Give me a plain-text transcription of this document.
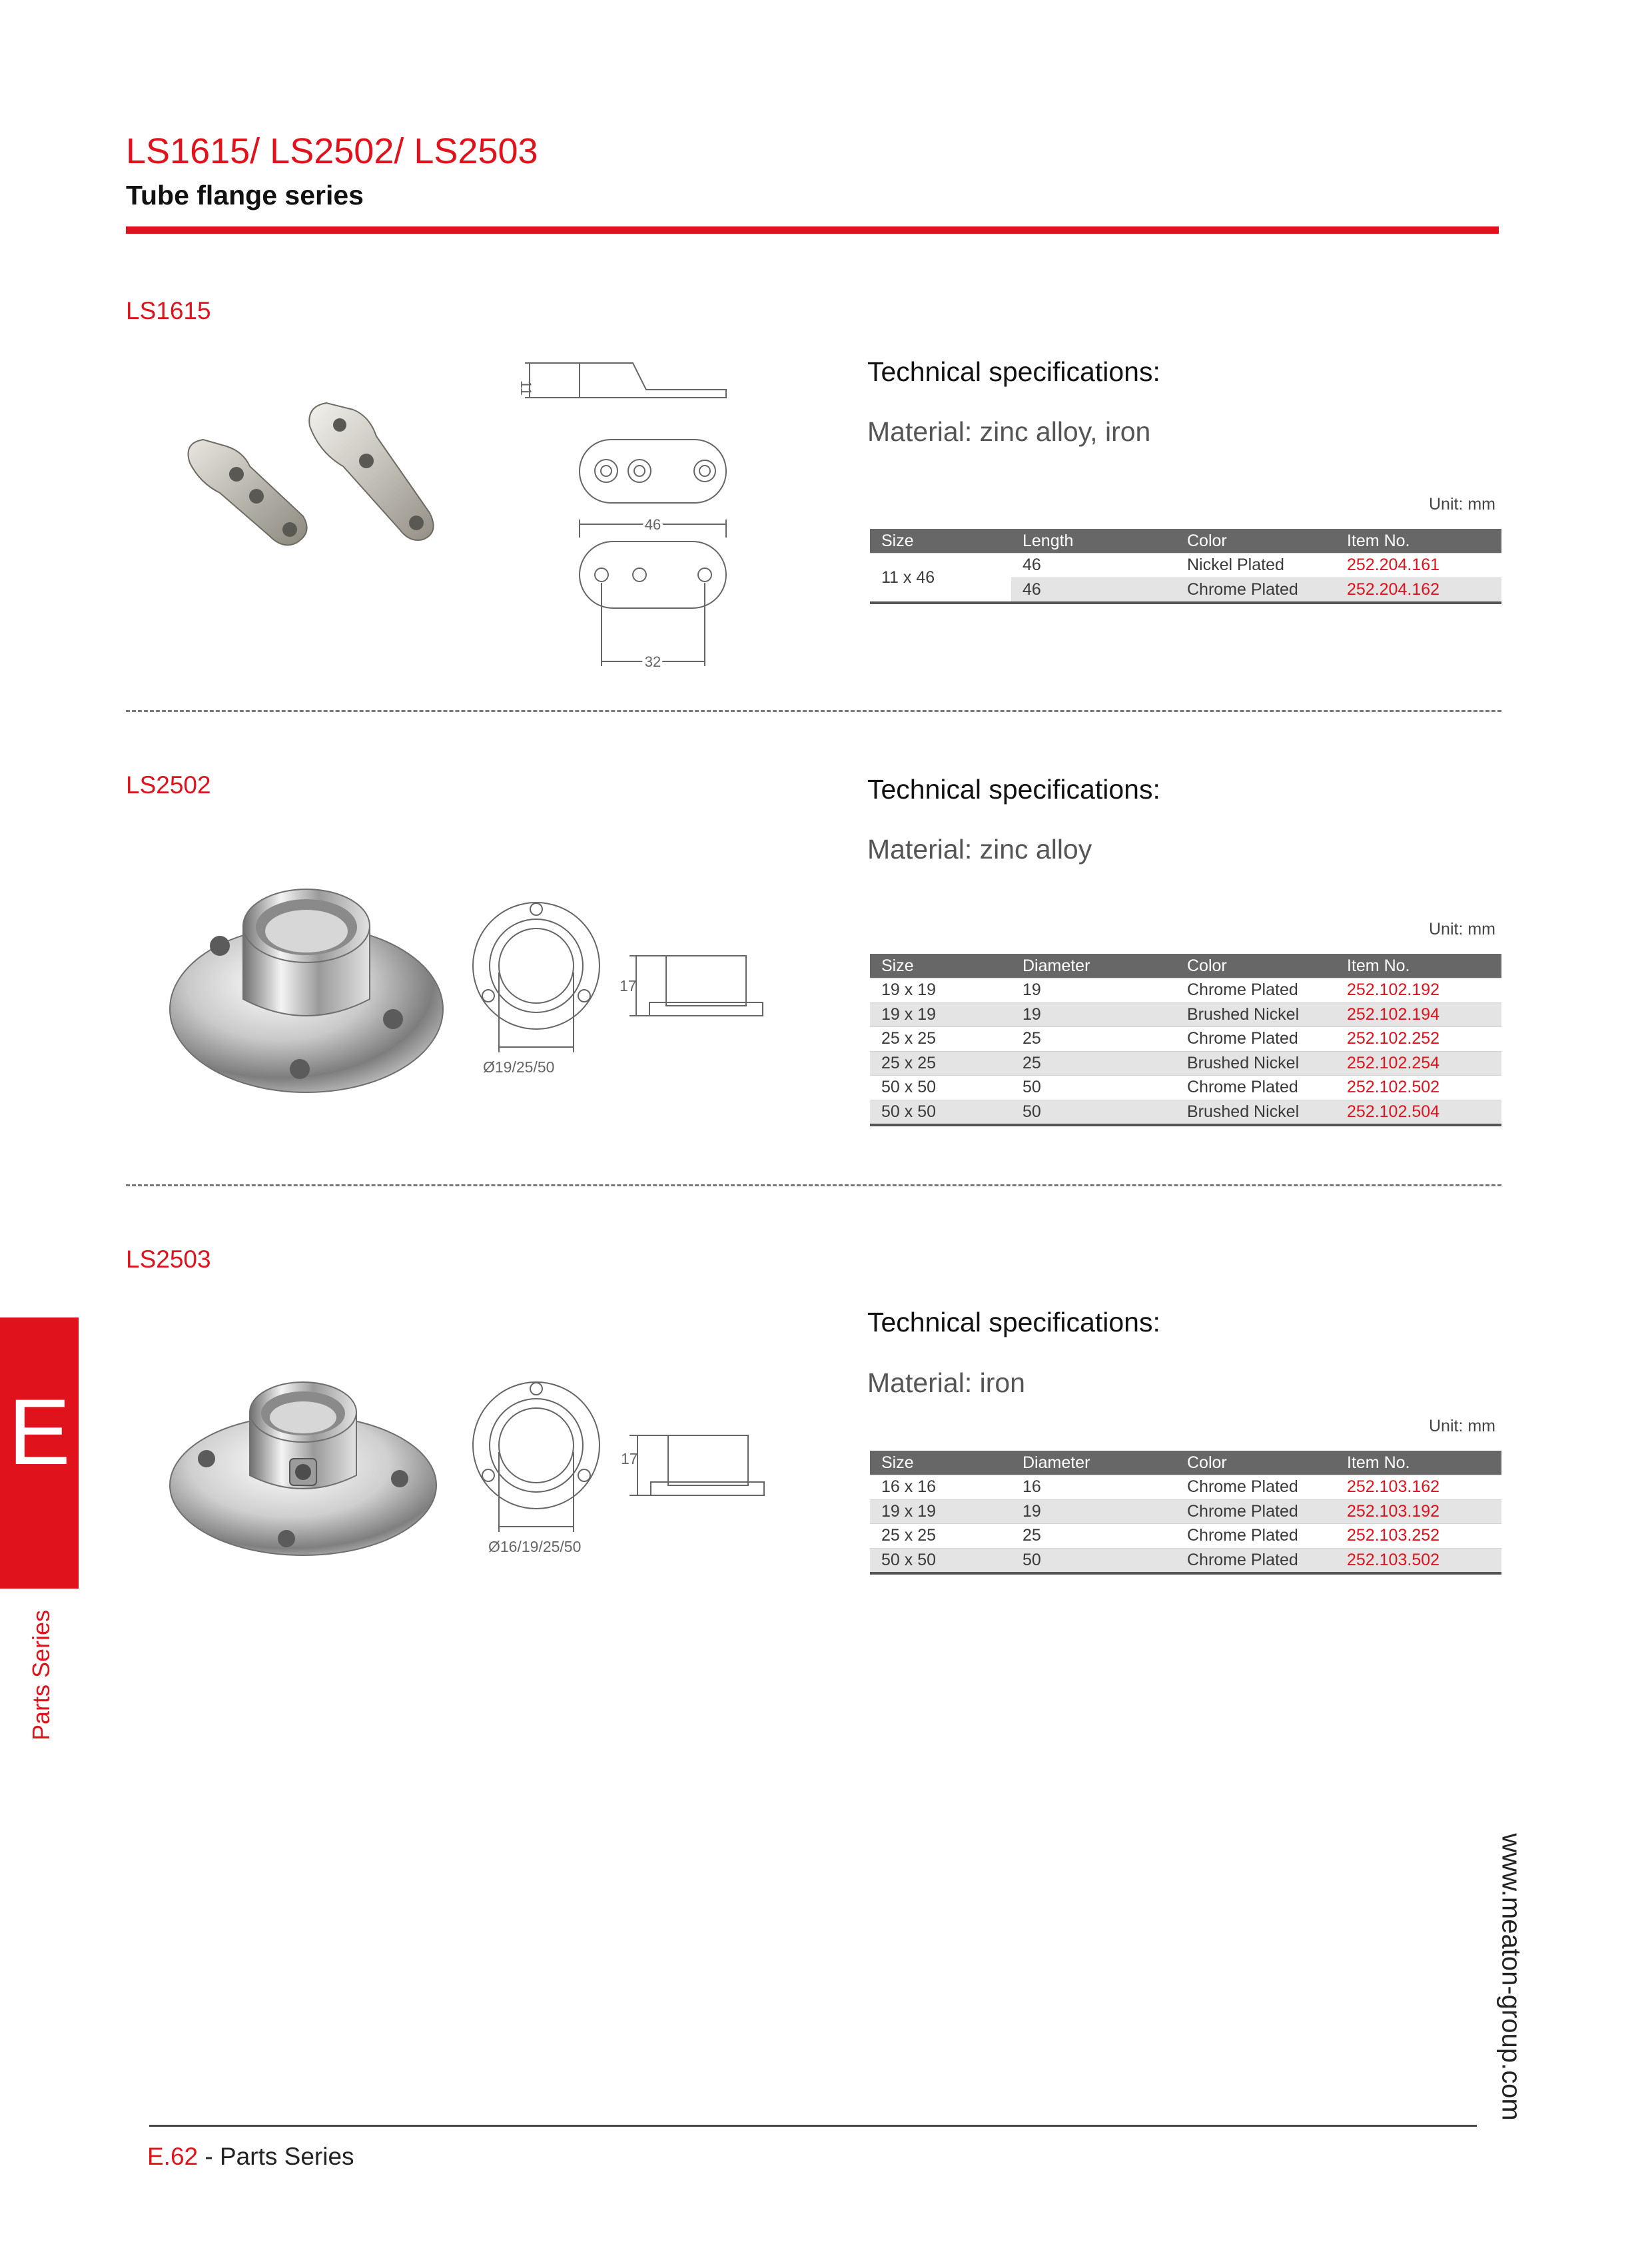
LS1615/ LS2502/ LS2503
Tube flange series
LS1615
11
46
32
Technical specifications:
Material: zinc alloy, iron
Unit: mm
Size	Length	Color	Item No.
11 x 46	46	Nickel Plated	252.204.161
	46	Chrome Plated	252.204.162
LS2502
Ø19/25/50
17
Technical specifications:
Material: zinc alloy
Unit: mm
Size	Diameter	Color	Item No.
19 x 19	19	Chrome Plated	252.102.192
19 x 19	19	Brushed Nickel	252.102.194
25 x 25	25	Chrome Plated	252.102.252
25 x 25	25	Brushed Nickel	252.102.254
50 x 50	50	Chrome Plated	252.102.502
50 x 50	50	Brushed Nickel	252.102.504
LS2503
Ø16/19/25/50
17
Technical specifications:
Material: iron
Unit: mm
Size	Diameter	Color	Item No.
16 x 16	16	Chrome Plated	252.103.162
19 x 19	19	Chrome Plated	252.103.192
25 x 25	25	Chrome Plated	252.103.252
50 x 50	50	Chrome Plated	252.103.502
E
Parts Series
www.meaton-group.com
E.62 - Parts Series
